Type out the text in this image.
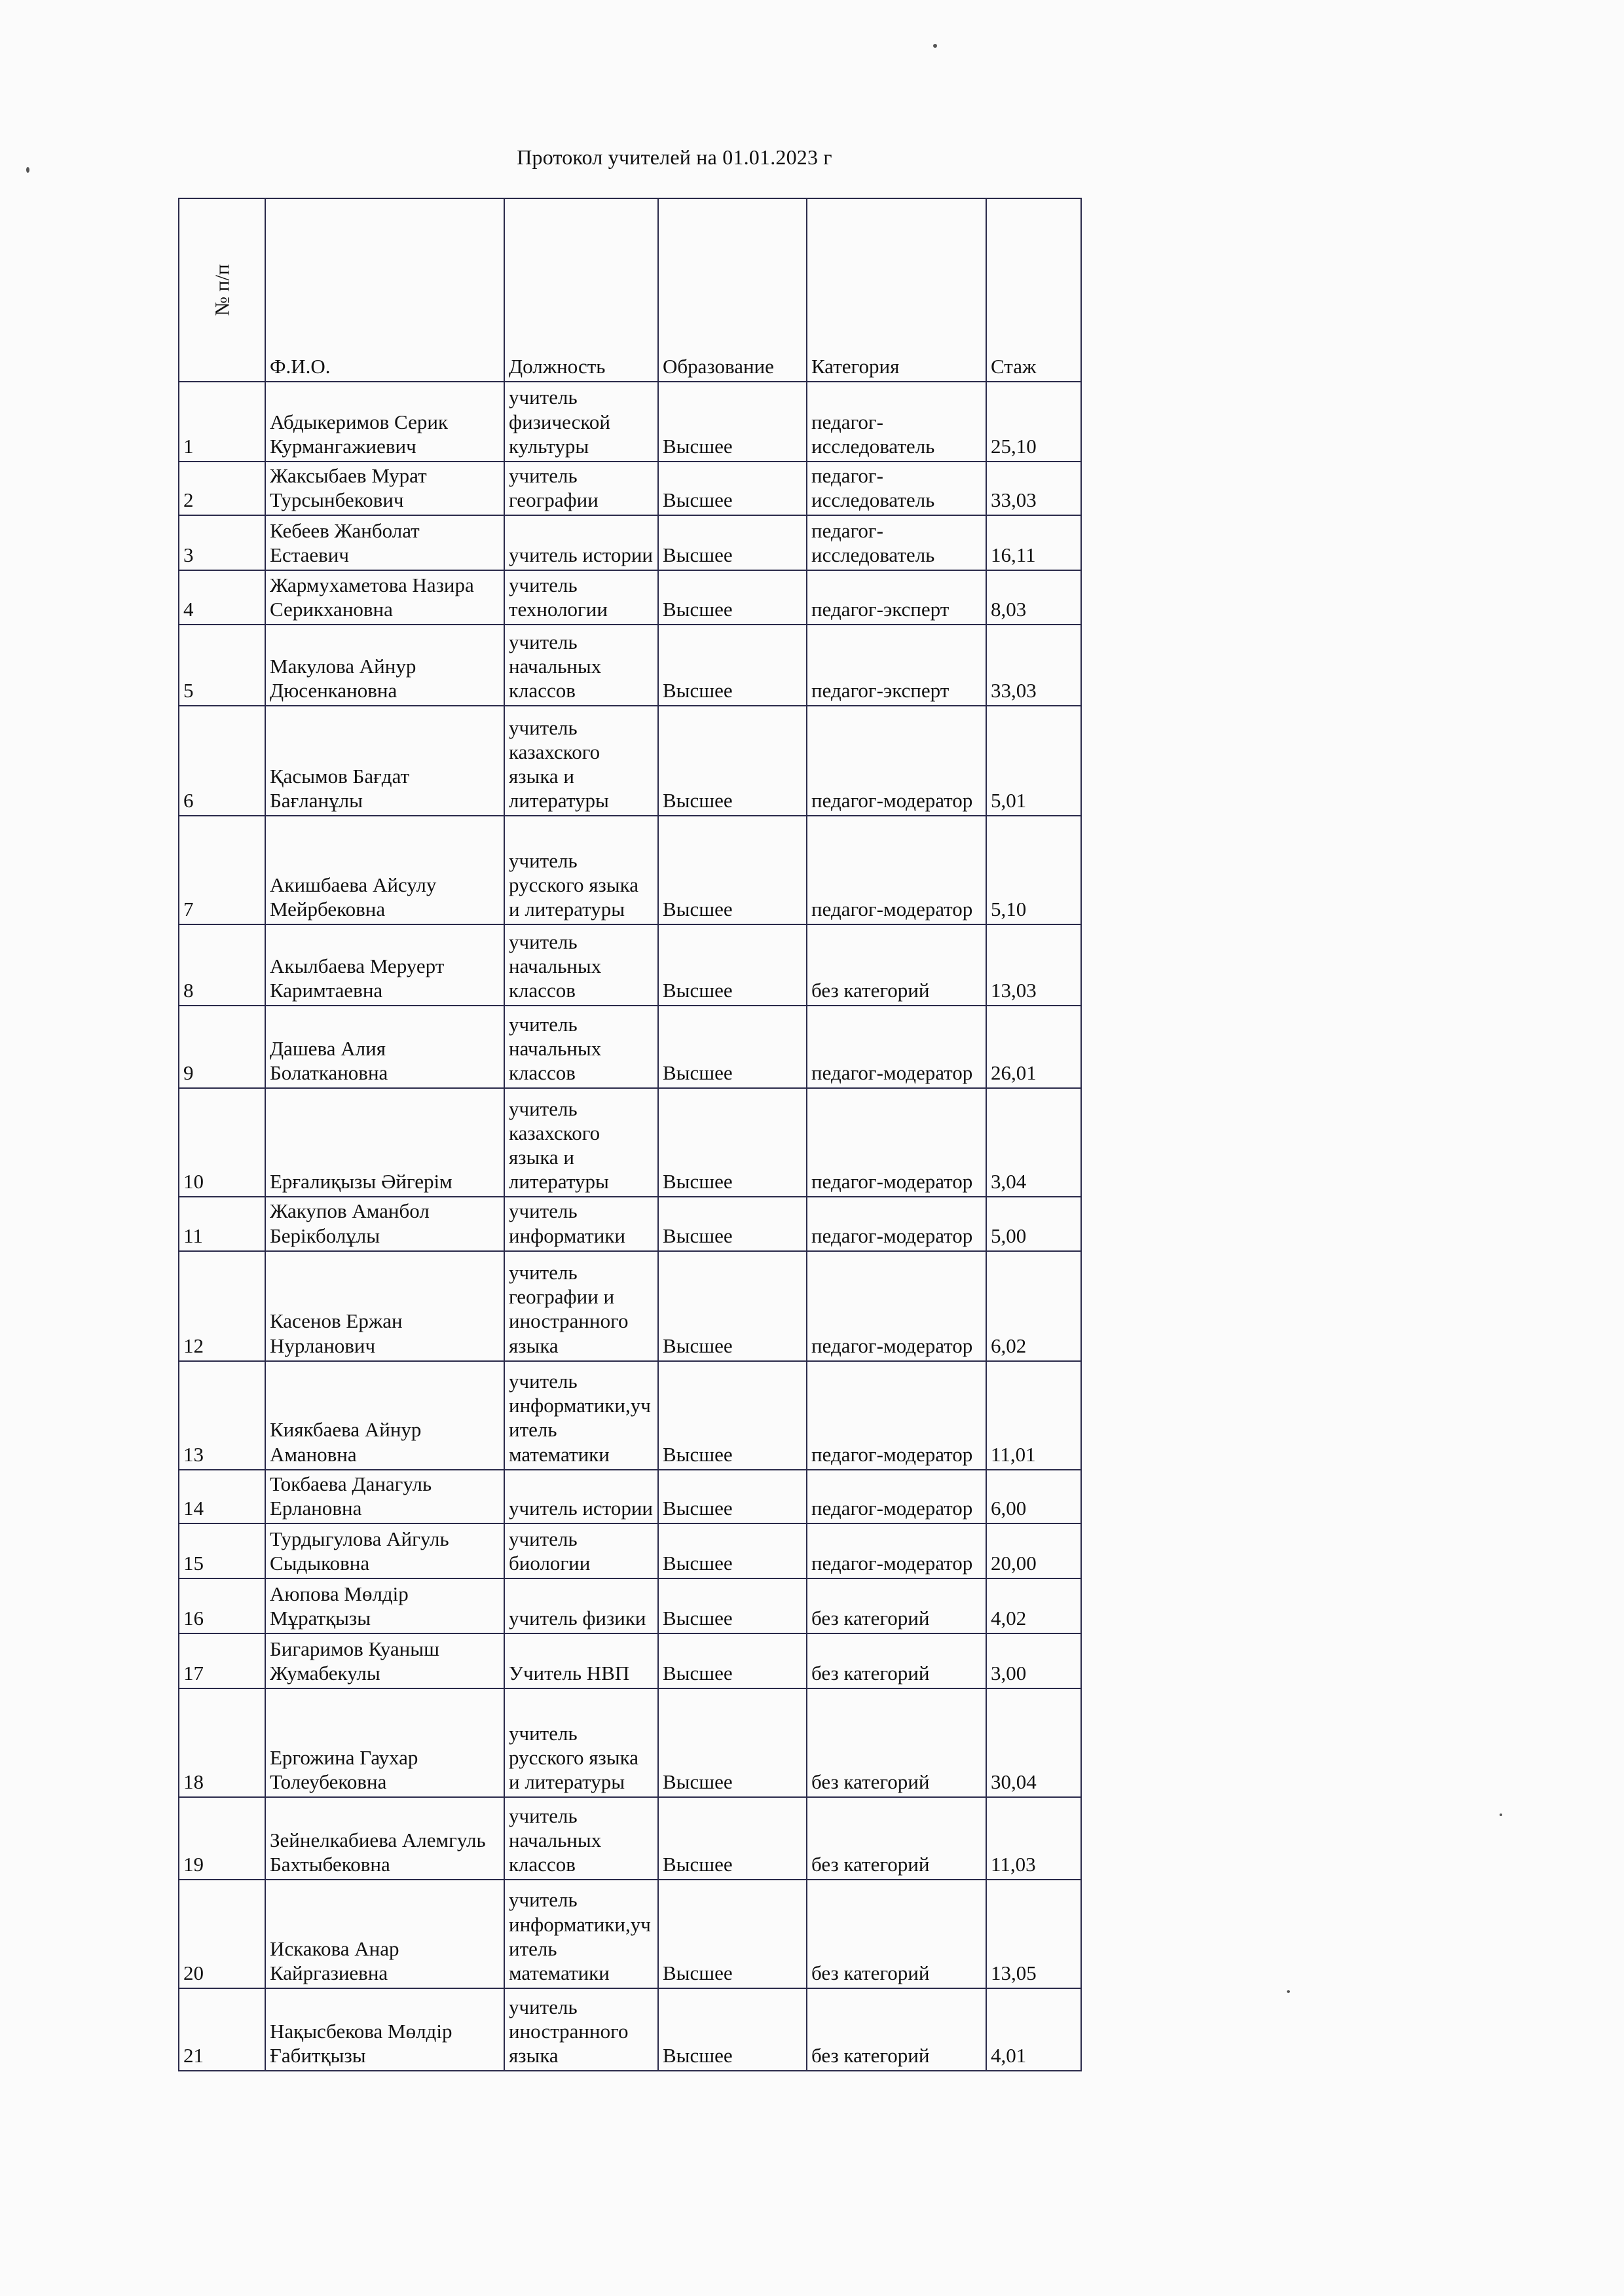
Протокол учителей на 01.01.2023 г
№ п/п	Ф.И.О.	Должность	Образование	Категория	Стаж
1	Абдыкеримов Серик Курмангажиевич	учитель физической культуры	Высшее	педагог-исследователь	25,10
2	Жаксыбаев Мурат Турсынбекович	учитель географии	Высшее	педагог-исследователь	33,03
3	Кебеев Жанболат Естаевич	учитель истории	Высшее	педагог-исследователь	16,11
4	Жармухаметова Назира Серикхановна	учитель технологии	Высшее	педагог-эксперт	8,03
5	Макулова Айнур Дюсенкановна	учитель начальных классов	Высшее	педагог-эксперт	33,03
6	Қасымов Бағдат Бағланұлы	учитель казахского языка и литературы	Высшее	педагог-модератор	5,01
7	Акишбаева Айсулу Мейрбековна	учитель русского языка и литературы	Высшее	педагог-модератор	5,10
8	Акылбаева Меруерт Каримтаевна	учитель начальных классов	Высшее	без категорий	13,03
9	Дашева Алия Болаткановна	учитель начальных классов	Высшее	педагог-модератор	26,01
10	Ерғалиқызы Әйгерім	учитель казахского языка и литературы	Высшее	педагог-модератор	3,04
11	Жакупов Аманбол Берікболұлы	учитель информатики	Высшее	педагог-модератор	5,00
12	Касенов Ержан Нурланович	учитель географии и иностранного языка	Высшее	педагог-модератор	6,02
13	Киякбаева Айнур Амановна	учитель информатики,учитель математики	Высшее	педагог-модератор	11,01
14	Токбаева Данагуль Ерлановна	учитель истории	Высшее	педагог-модератор	6,00
15	Турдыгулова Айгуль Сыдыковна	учитель биологии	Высшее	педагог-модератор	20,00
16	Аюпова Мөлдір Мұратқызы	учитель физики	Высшее	без категорий	4,02
17	Бигаримов Куаныш Жумабекулы	Учитель НВП	Высшее	без категорий	3,00
18	Ергожина Гаухар Толеубековна	учитель русского языка и литературы	Высшее	без категорий	30,04
19	Зейнелкабиева Алемгуль Бахтыбековна	учитель начальных классов	Высшее	без категорий	11,03
20	Искакова Анар Кайргазиевна	учитель информатики,учитель математики	Высшее	без категорий	13,05
21	Нақысбекова Мөлдір Ғабитқызы	учитель иностранного языка	Высшее	без категорий	4,01
